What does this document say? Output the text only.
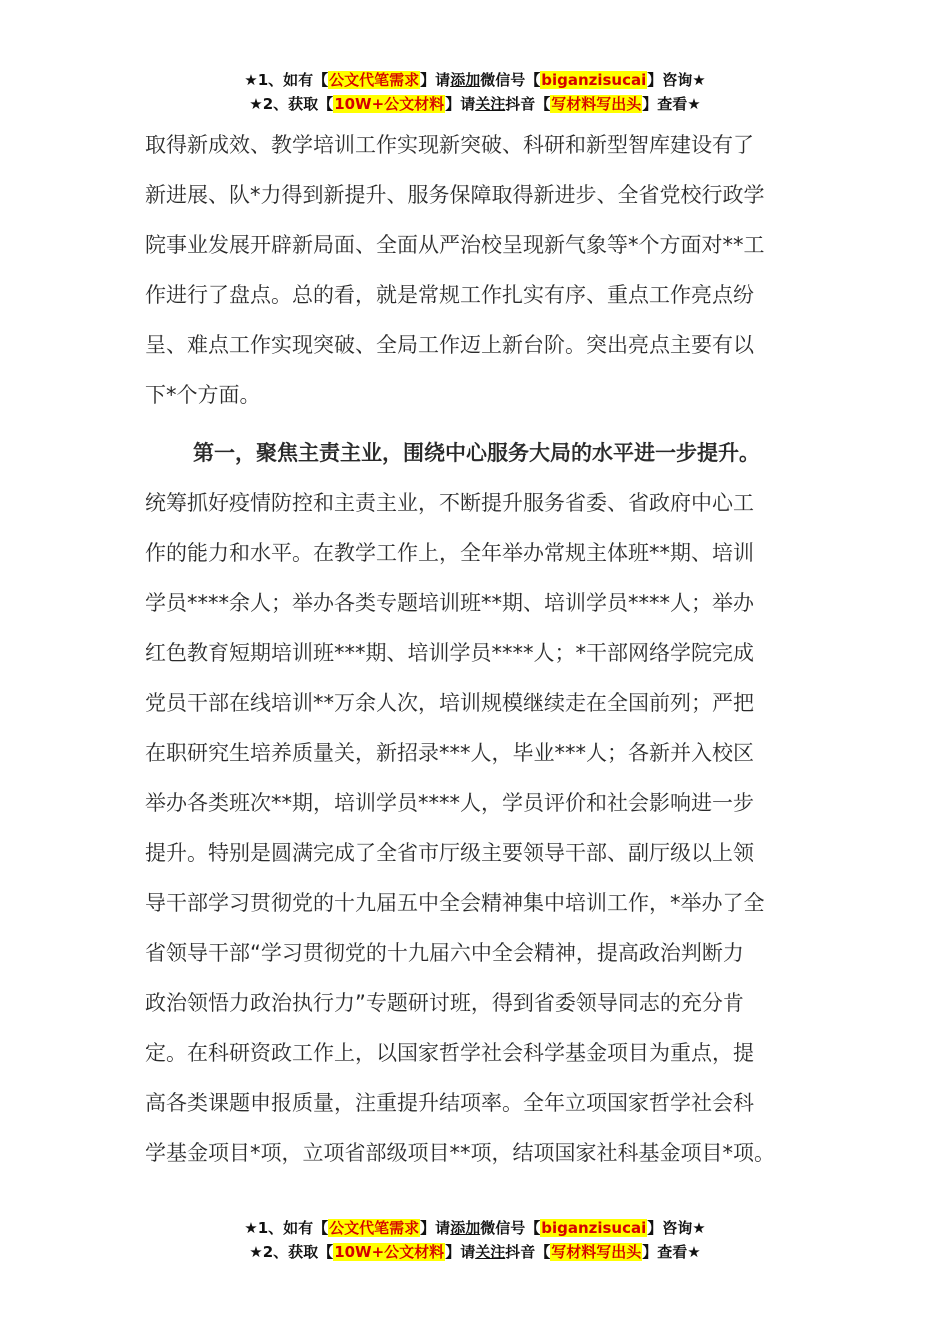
★1、如有【公文代笔需求】请添加微信号【biganzisucai】咨询★
★2、获取【10W+公文材料】请关注抖音【写材料写出头】查看★
取得新成效、教学培训工作实现新突破、科研和新型智库建设有了
新进展、队*力得到新提升、服务保障取得新进步、全省党校行政学
院事业发展开辟新局面、全面从严治校呈现新气象等*个方面对**工
作进行了盘点。总的看，就是常规工作扎实有序、重点工作亮点纷
呈、难点工作实现突破、全局工作迈上新台阶。突出亮点主要有以
下*个方面。
第一，聚焦主责主业，围绕中心服务大局的水平进一步提升。
统筹抓好疫情防控和主责主业，不断提升服务省委、省政府中心工
作的能力和水平。在教学工作上，全年举办常规主体班**期、培训
学员****余人；举办各类专题培训班**期、培训学员****人；举办
红色教育短期培训班***期、培训学员****人；*干部网络学院完成
党员干部在线培训**万余人次，培训规模继续走在全国前列；严把
在职研究生培养质量关，新招录***人，毕业***人；各新并入校区
举办各类班次**期，培训学员****人，学员评价和社会影响进一步
提升。特别是圆满完成了全省市厅级主要领导干部、副厅级以上领
导干部学习贯彻党的十九届五中全会精神集中培训工作，*举办了全
省领导干部“学习贯彻党的十九届六中全会精神，提高政治判断力
政治领悟力政治执行力”专题研讨班，得到省委领导同志的充分肯
定。在科研资政工作上，以国家哲学社会科学基金项目为重点，提
高各类课题申报质量，注重提升结项率。全年立项国家哲学社会科
学基金项目*项，立项省部级项目**项，结项国家社科基金项目*项。
★1、如有【公文代笔需求】请添加微信号【biganzisucai】咨询★
★2、获取【10W+公文材料】请关注抖音【写材料写出头】查看★
